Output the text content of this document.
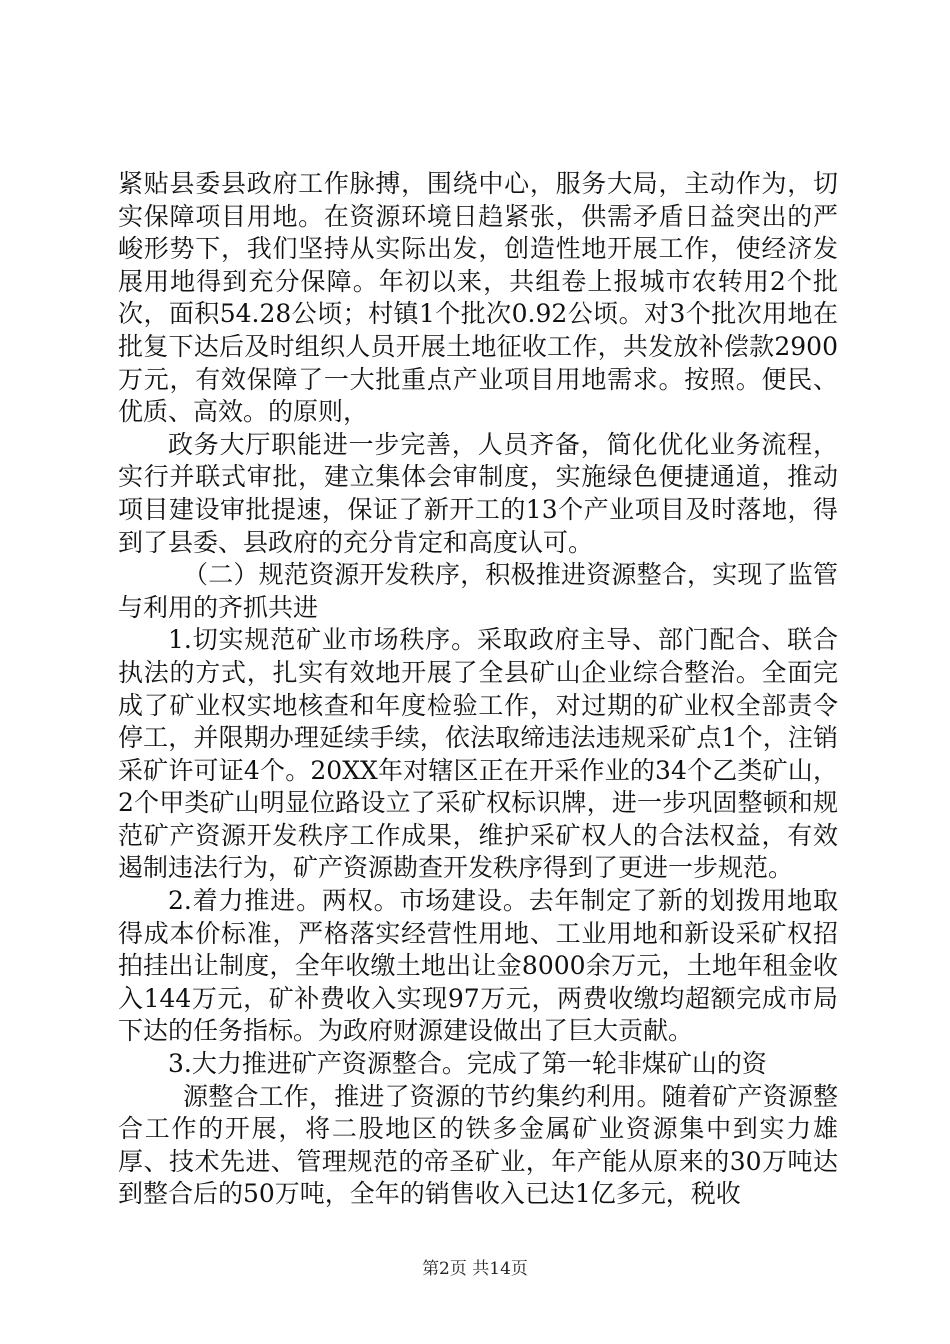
紧贴县委县政府工作脉搏，围绕中心，服务大局，主动作为，切实保障项目用地。在资源环境日趋紧张，供需矛盾日益突出的严峻形势下，我们坚持从实际出发，创造性地开展工作，使经济发展用地得到充分保障。年初以来，共组卷上报城市农转用2个批次，面积54.28公顷；村镇1个批次0.92公顷。对3个批次用地在批复下达后及时组织人员开展土地征收工作，共发放补偿款2900万元，有效保障了一大批重点产业项目用地需求。按照。便民、优质、高效。的原则，

政务大厅职能进一步完善，人员齐备，简化优化业务流程，实行并联式审批，建立集体会审制度，实施绿色便捷通道，推动项目建设审批提速，保证了新开工的13个产业项目及时落地，得到了县委、县政府的充分肯定和高度认可。

（二）规范资源开发秩序，积极推进资源整合，实现了监管与利用的齐抓共进

1.切实规范矿业市场秩序。采取政府主导、部门配合、联合执法的方式，扎实有效地开展了全县矿山企业综合整治。全面完成了矿业权实地核查和年度检验工作，对过期的矿业权全部责令停工，并限期办理延续手续，依法取缔违法违规采矿点1个，注销采矿许可证4个。20XX年对辖区正在开采作业的34个乙类矿山，2个甲类矿山明显位路设立了采矿权标识牌，进一步巩固整顿和规范矿产资源开发秩序工作成果，维护采矿权人的合法权益，有效遏制违法行为，矿产资源勘查开发秩序得到了更进一步规范。

2.着力推进。两权。市场建设。去年制定了新的划拨用地取得成本价标准，严格落实经营性用地、工业用地和新设采矿权招拍挂出让制度，全年收缴土地出让金8000余万元，土地年租金收入144万元，矿补费收入实现97万元，两费收缴均超额完成市局下达的任务指标。为政府财源建设做出了巨大贡献。

3.大力推进矿产资源整合。完成了第一轮非煤矿山的资

源整合工作，推进了资源的节约集约利用。随着矿产资源整合工作的开展，将二股地区的铁多金属矿业资源集中到实力雄厚、技术先进、管理规范的帝圣矿业，年产能从原来的30万吨达到整合后的50万吨，全年的销售收入已达1亿多元，税收

第2页 共14页
